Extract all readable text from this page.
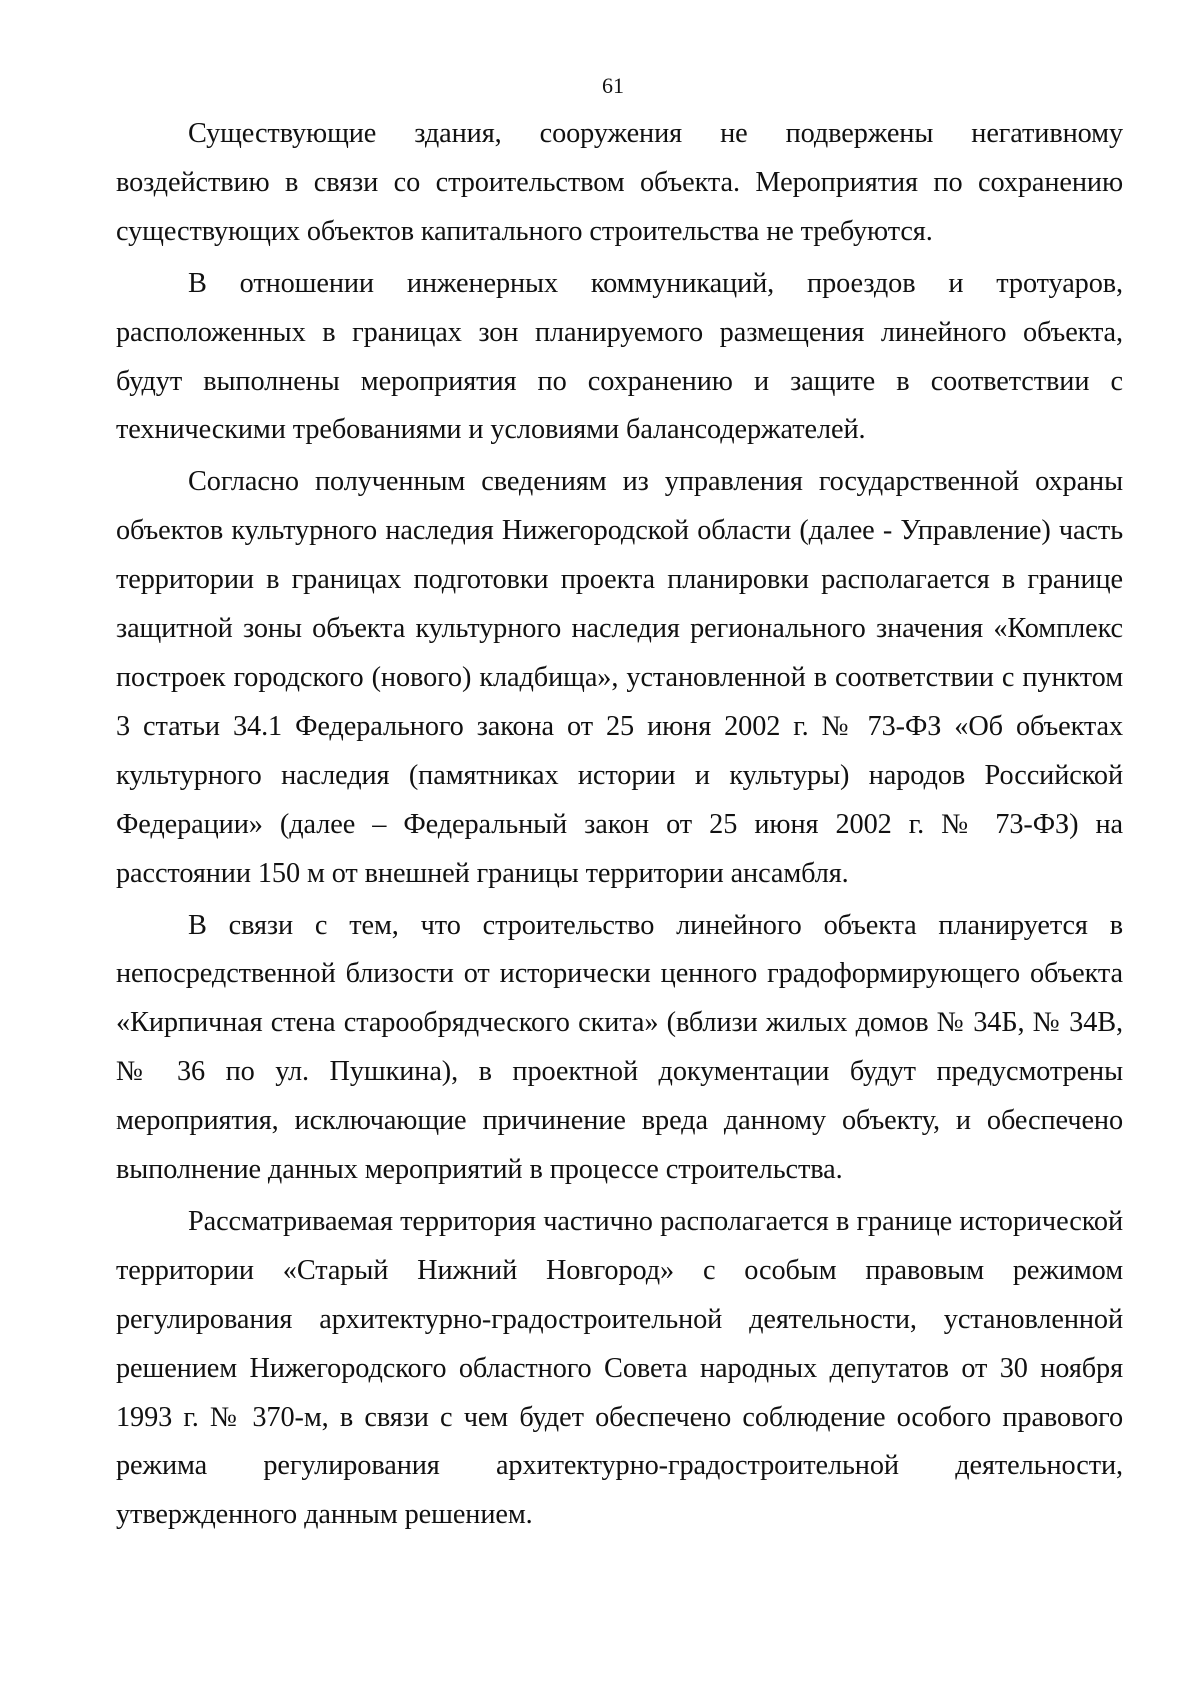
61

Существующие здания, сооружения не подвержены негативному воздействию в связи со строительством объекта. Мероприятия по сохранению существующих объектов капитального строительства не требуются.

В отношении инженерных коммуникаций, проездов и тротуаров, расположенных в границах зон планируемого размещения линейного объекта, будут выполнены мероприятия по сохранению и защите в соответствии с техническими требованиями и условиями балансодержателей.

Согласно полученным сведениям из управления государственной охраны объектов культурного наследия Нижегородской области (далее - Управление) часть территории в границах подготовки проекта планировки располагается в границе защитной зоны объекта культурного наследия регионального значения «Комплекс построек городского (нового) кладбища», установленной в соответствии с пунктом 3 статьи 34.1 Федерального закона от 25 июня 2002 г. № 73-ФЗ «Об объектах культурного наследия (памятниках истории и культуры) народов Российской Федерации» (далее – Федеральный закон от 25 июня 2002 г. № 73-ФЗ) на расстоянии 150 м от внешней границы территории ансамбля.

В связи с тем, что строительство линейного объекта планируется в непосредственной близости от исторически ценного градоформирующего объекта «Кирпичная стена старообрядческого скита» (вблизи жилых домов № 34Б, № 34В, № 36 по ул. Пушкина), в проектной документации будут предусмотрены мероприятия, исключающие причинение вреда данному объекту, и обеспечено выполнение данных мероприятий в процессе строительства.

Рассматриваемая территория частично располагается в границе исторической территории «Старый Нижний Новгород» с особым правовым режимом регулирования архитектурно-градостроительной деятельности, установленной решением Нижегородского областного Совета народных депутатов от 30 ноября 1993 г. № 370-м, в связи с чем будет обеспечено соблюдение особого правового режима регулирования архитектурно-градостроительной деятельности, утвержденного данным решением.
